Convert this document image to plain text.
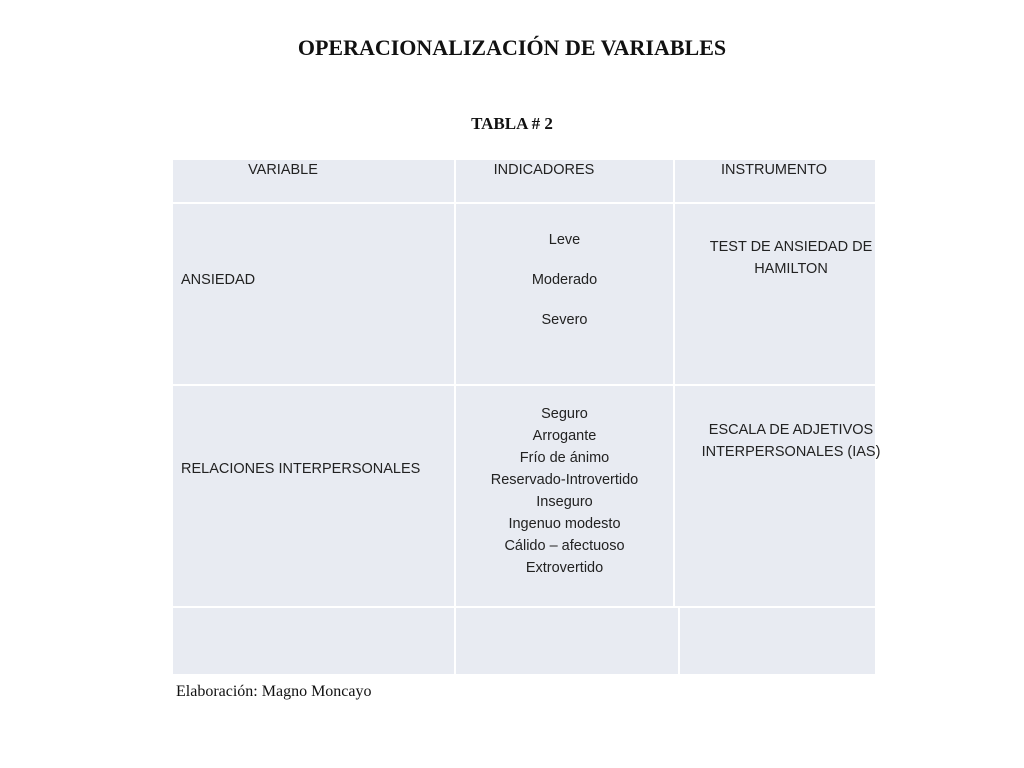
OPERACIONALIZACIÓN DE VARIABLES
TABLA # 2
VARIABLE	INDICADORES	INSTRUMENTO
ANSIEDAD
Leve
Moderado
Severo
TEST DE ANSIEDAD DE
HAMILTON
RELACIONES INTERPERSONALES
Seguro
Arrogante
Frío de ánimo
Reservado-Introvertido
Inseguro
Ingenuo modesto
Cálido – afectuoso
Extrovertido
ESCALA DE ADJETIVOS
INTERPERSONALES (IAS)
Elaboración: Magno Moncayo
